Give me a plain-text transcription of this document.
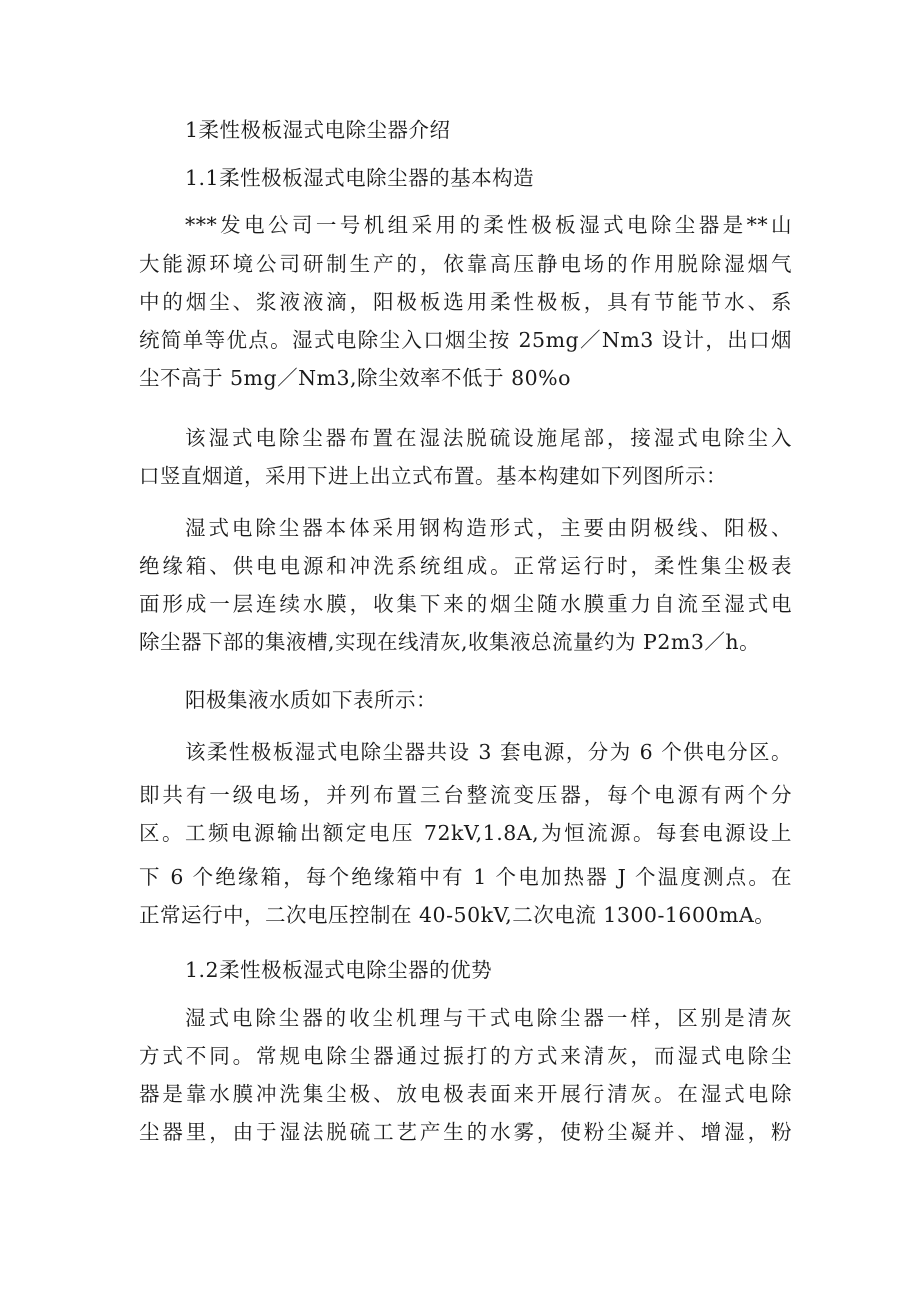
1柔性极板湿式电除尘器介绍
1.1柔性极板湿式电除尘器的基本构造
***发电公司一号机组采用的柔性极板湿式电除尘器是**山
大能源环境公司研制生产的，依靠高压静电场的作用脱除湿烟气
中的烟尘、浆液液滴，阳极板选用柔性极板，具有节能节水、系
统简单等优点。湿式电除尘入口烟尘按 25mg／Nm3 设计，出口烟
尘不高于 5mg／Nm3,除尘效率不低于 80%o
该湿式电除尘器布置在湿法脱硫设施尾部，接湿式电除尘入
口竖直烟道，采用下进上出立式布置。基本构建如下列图所示：
湿式电除尘器本体采用钢构造形式，主要由阴极线、阳极、
绝缘箱、供电电源和冲洗系统组成。正常运行时，柔性集尘极表
面形成一层连续水膜，收集下来的烟尘随水膜重力自流至湿式电
除尘器下部的集液槽,实现在线清灰,收集液总流量约为 P2m3／h。
阳极集液水质如下表所示：
该柔性极板湿式电除尘器共设 3 套电源，分为 6 个供电分区。
即共有一级电场，并列布置三台整流变压器，每个电源有两个分
区。工频电源输出额定电压 72kV,1.8A,为恒流源。每套电源设上
下 6 个绝缘箱，每个绝缘箱中有 1 个电加热器 J 个温度测点。在
正常运行中，二次电压控制在 40-50kV,二次电流 1300-1600mA。
1.2柔性极板湿式电除尘器的优势
湿式电除尘器的收尘机理与干式电除尘器一样，区别是清灰
方式不同。常规电除尘器通过振打的方式来清灰，而湿式电除尘
器是靠水膜冲洗集尘极、放电极表面来开展行清灰。在湿式电除
尘器里，由于湿法脱硫工艺产生的水雾，使粉尘凝并、增湿，粉
